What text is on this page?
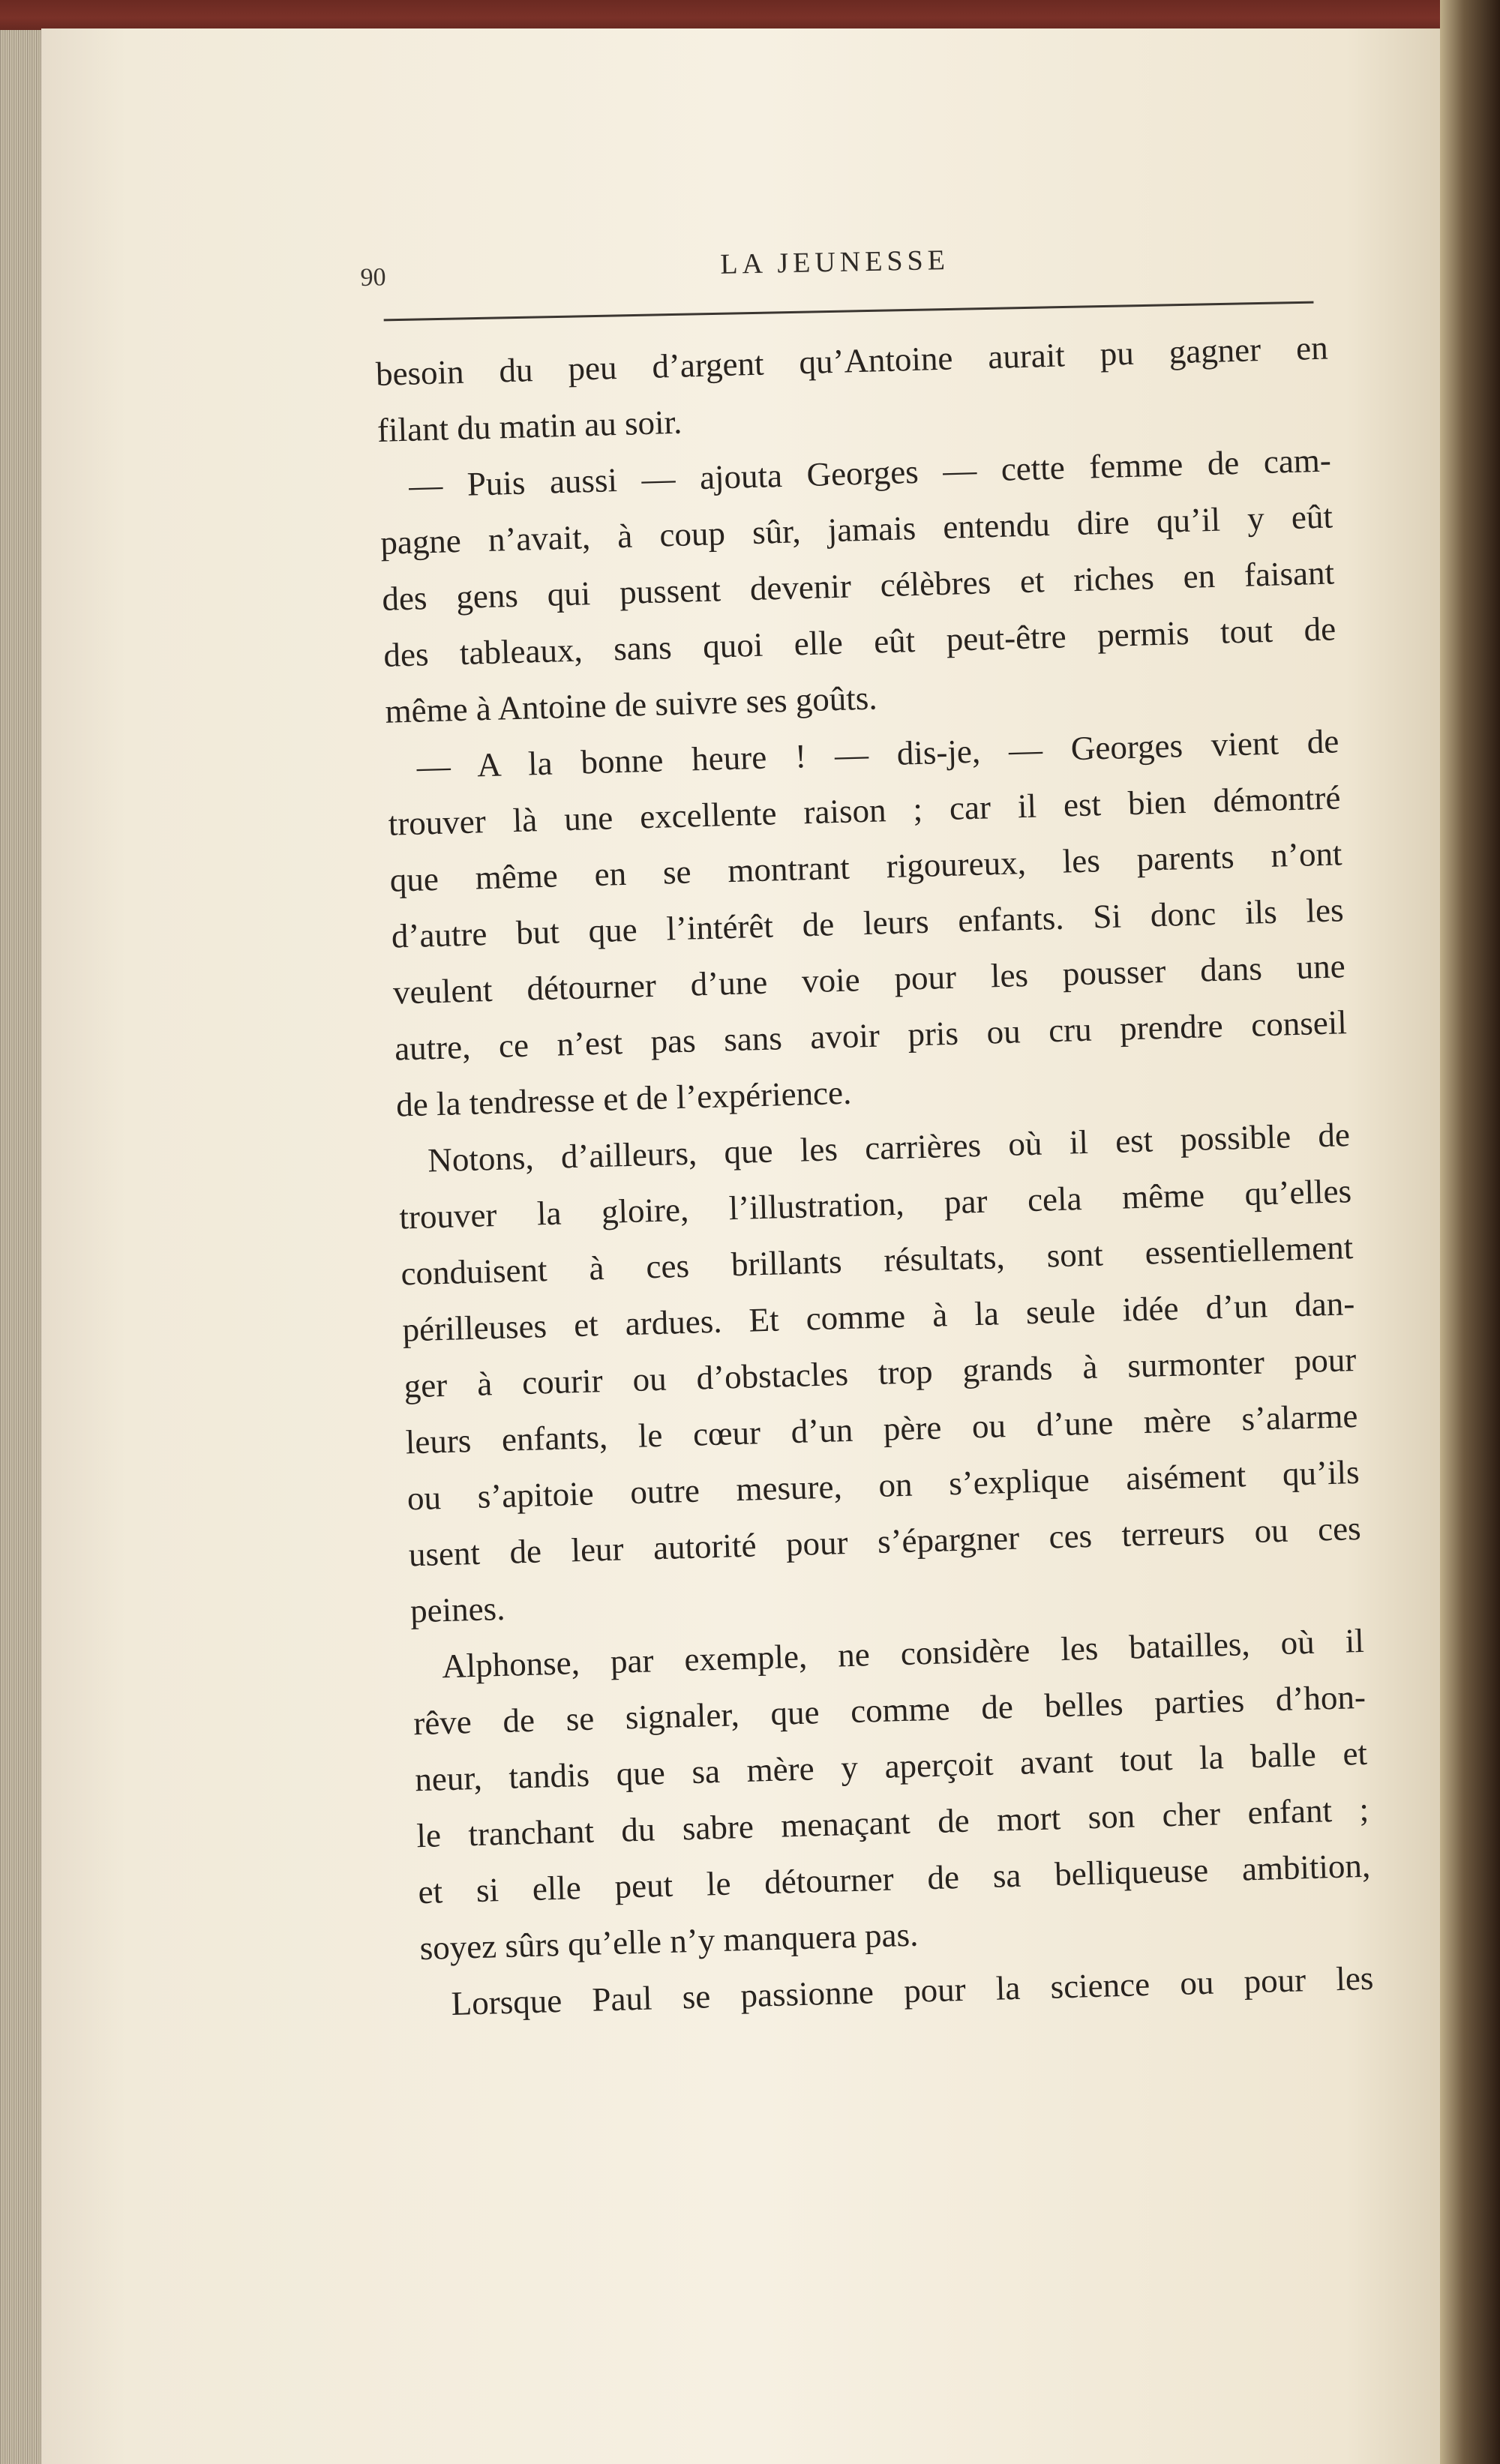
90	LA JEUNESSE
besoin du peu d’argent qu’Antoine aurait pu gagner en
filant du matin au soir.
— Puis aussi — ajouta Georges — cette femme de cam-
pagne n’avait, à coup sûr, jamais entendu dire qu’il y eût
des gens qui pussent devenir célèbres et riches en faisant
des tableaux, sans quoi elle eût peut-être permis tout de
même à Antoine de suivre ses goûts.
— A la bonne heure ! — dis-je, — Georges vient de
trouver là une excellente raison ; car il est bien démontré
que même en se montrant rigoureux, les parents n’ont
d’autre but que l’intérêt de leurs enfants. Si donc ils les
veulent détourner d’une voie pour les pousser dans une
autre, ce n’est pas sans avoir pris ou cru prendre conseil
de la tendresse et de l’expérience.
Notons, d’ailleurs, que les carrières où il est possible de
trouver la gloire, l’illustration, par cela même qu’elles
conduisent à ces brillants résultats, sont essentiellement
périlleuses et ardues. Et comme à la seule idée d’un dan-
ger à courir ou d’obstacles trop grands à surmonter pour
leurs enfants, le cœur d’un père ou d’une mère s’alarme
ou s’apitoie outre mesure, on s’explique aisément qu’ils
usent de leur autorité pour s’épargner ces terreurs ou ces
peines.
Alphonse, par exemple, ne considère les batailles, où il
rêve de se signaler, que comme de belles parties d’hon-
neur, tandis que sa mère y aperçoit avant tout la balle et
le tranchant du sabre menaçant de mort son cher enfant ;
et si elle peut le détourner de sa belliqueuse ambition,
soyez sûrs qu’elle n’y manquera pas.
Lorsque Paul se passionne pour la science ou pour les
